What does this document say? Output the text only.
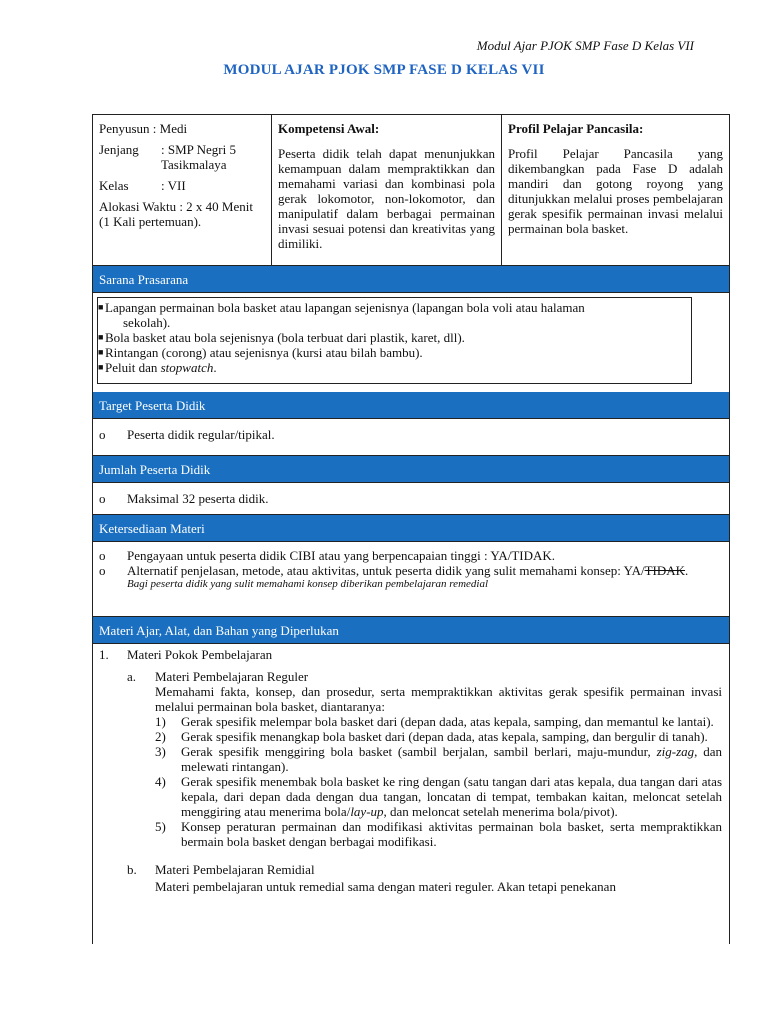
Modul Ajar PJOK SMP Fase D Kelas VII
MODUL AJAR PJOK SMP FASE D KELAS VII

Penyusun : Medi

Jenjang	: SMP Negri 5 Tasikmalaya
Kelas	: VII

Alokasi Waktu : 2 x 40 Menit (1 Kali pertemuan).

Kompetensi Awal:

Peserta didik telah dapat menunjukkan kemampuan dalam mempraktikkan dan memahami variasi dan kombinasi pola gerak lokomotor, non-lokomotor, dan manipulatif dalam berbagai permainan invasi sesuai potensi dan kreativitas yang dimiliki.

Profil Pelajar Pancasila:

Profil Pelajar Pancasila yang dikembangkan pada Fase D adalah mandiri dan gotong royong yang ditunjukkan melalui proses pembelajaran gerak spesifik permainan invasi melalui permainan bola basket.

Sarana Prasarana
■ Lapangan permainan bola basket atau lapangan sejenisnya (lapangan bola voli atau halaman
sekolah).
■ Bola basket atau bola sejenisnya (bola terbuat dari plastik, karet, dll).
■ Rintangan (corong) atau sejenisnya (kursi atau bilah bambu).
■ Peluit dan stopwatch.
Target Peserta Didik
o	Peserta didik regular/tipikal.
Jumlah Peserta Didik
o	Maksimal 32 peserta didik.
Ketersediaan Materi
o	Pengayaan untuk peserta didik CIBI atau yang berpencapaian tinggi : YA/TIDAK.
o	Alternatif penjelasan, metode, atau aktivitas, untuk peserta didik yang sulit memahami konsep: YA/TIDAK.
Bagi peserta didik yang sulit memahami konsep diberikan pembelajaran remedial
Materi Ajar, Alat, dan Bahan yang Diperlukan
1.	Materi Pokok Pembelajaran
a.	Materi Pembelajaran Reguler
Memahami fakta, konsep, dan prosedur, serta mempraktikkan aktivitas gerak spesifik permainan invasi melalui permainan bola basket, diantaranya:
1)	Gerak spesifik melempar bola basket dari (depan dada, atas kepala, samping, dan memantul ke lantai).
2)	Gerak spesifik menangkap bola basket dari (depan dada, atas kepala, samping, dan bergulir di tanah).
3)	Gerak spesifik menggiring bola basket (sambil berjalan, sambil berlari, maju-mundur, zig-zag, dan melewati rintangan).
4)	Gerak spesifik menembak bola basket ke ring dengan (satu tangan dari atas kepala, dua tangan dari atas kepala, dari depan dada dengan dua tangan, loncatan di tempat, tembakan kaitan, meloncat setelah menggiring atau menerima bola/lay-up, dan meloncat setelah menerima bola/pivot).
5)	Konsep peraturan permainan dan modifikasi aktivitas permainan bola basket, serta mempraktikkan bermain bola basket dengan berbagai modifikasi.
b.	Materi Pembelajaran Remidial
Materi pembelajaran untuk remedial sama dengan materi reguler. Akan tetapi penekanan
